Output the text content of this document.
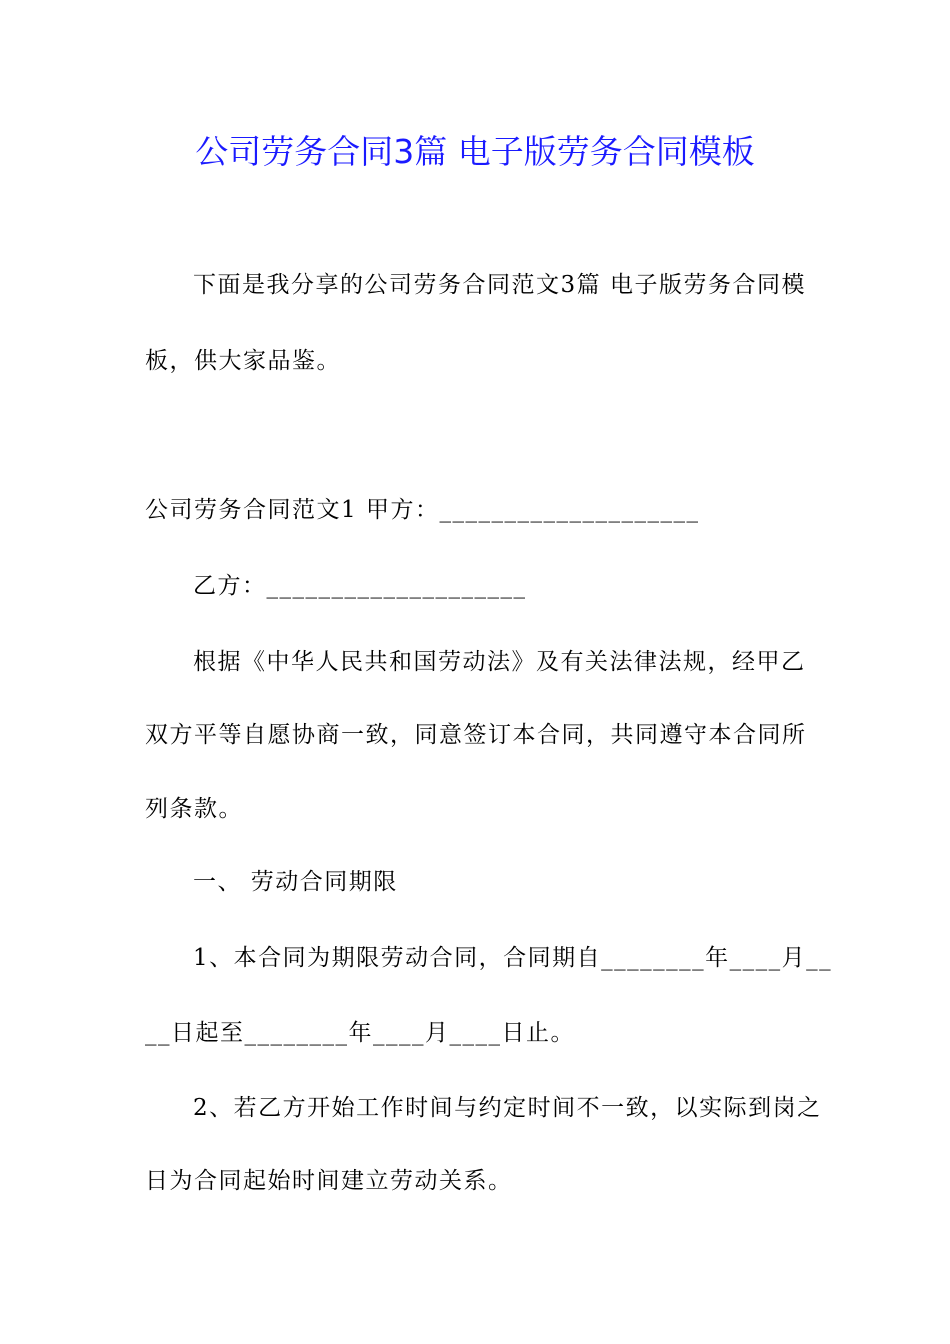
公司劳务合同3篇 电子版劳务合同模板
下面是我分享的公司劳务合同范文3篇 电子版劳务合同模
板，供大家品鉴。
公司劳务合同范文1 甲方：____________________
乙方：____________________
根据《中华人民共和国劳动法》及有关法律法规，经甲乙
双方平等自愿协商一致，同意签订本合同，共同遵守本合同所
列条款。
一、 劳动合同期限
1、本合同为期限劳动合同，合同期自________年____月__
__日起至________年____月____日止。
2、若乙方开始工作时间与约定时间不一致，以实际到岗之
日为合同起始时间建立劳动关系。
